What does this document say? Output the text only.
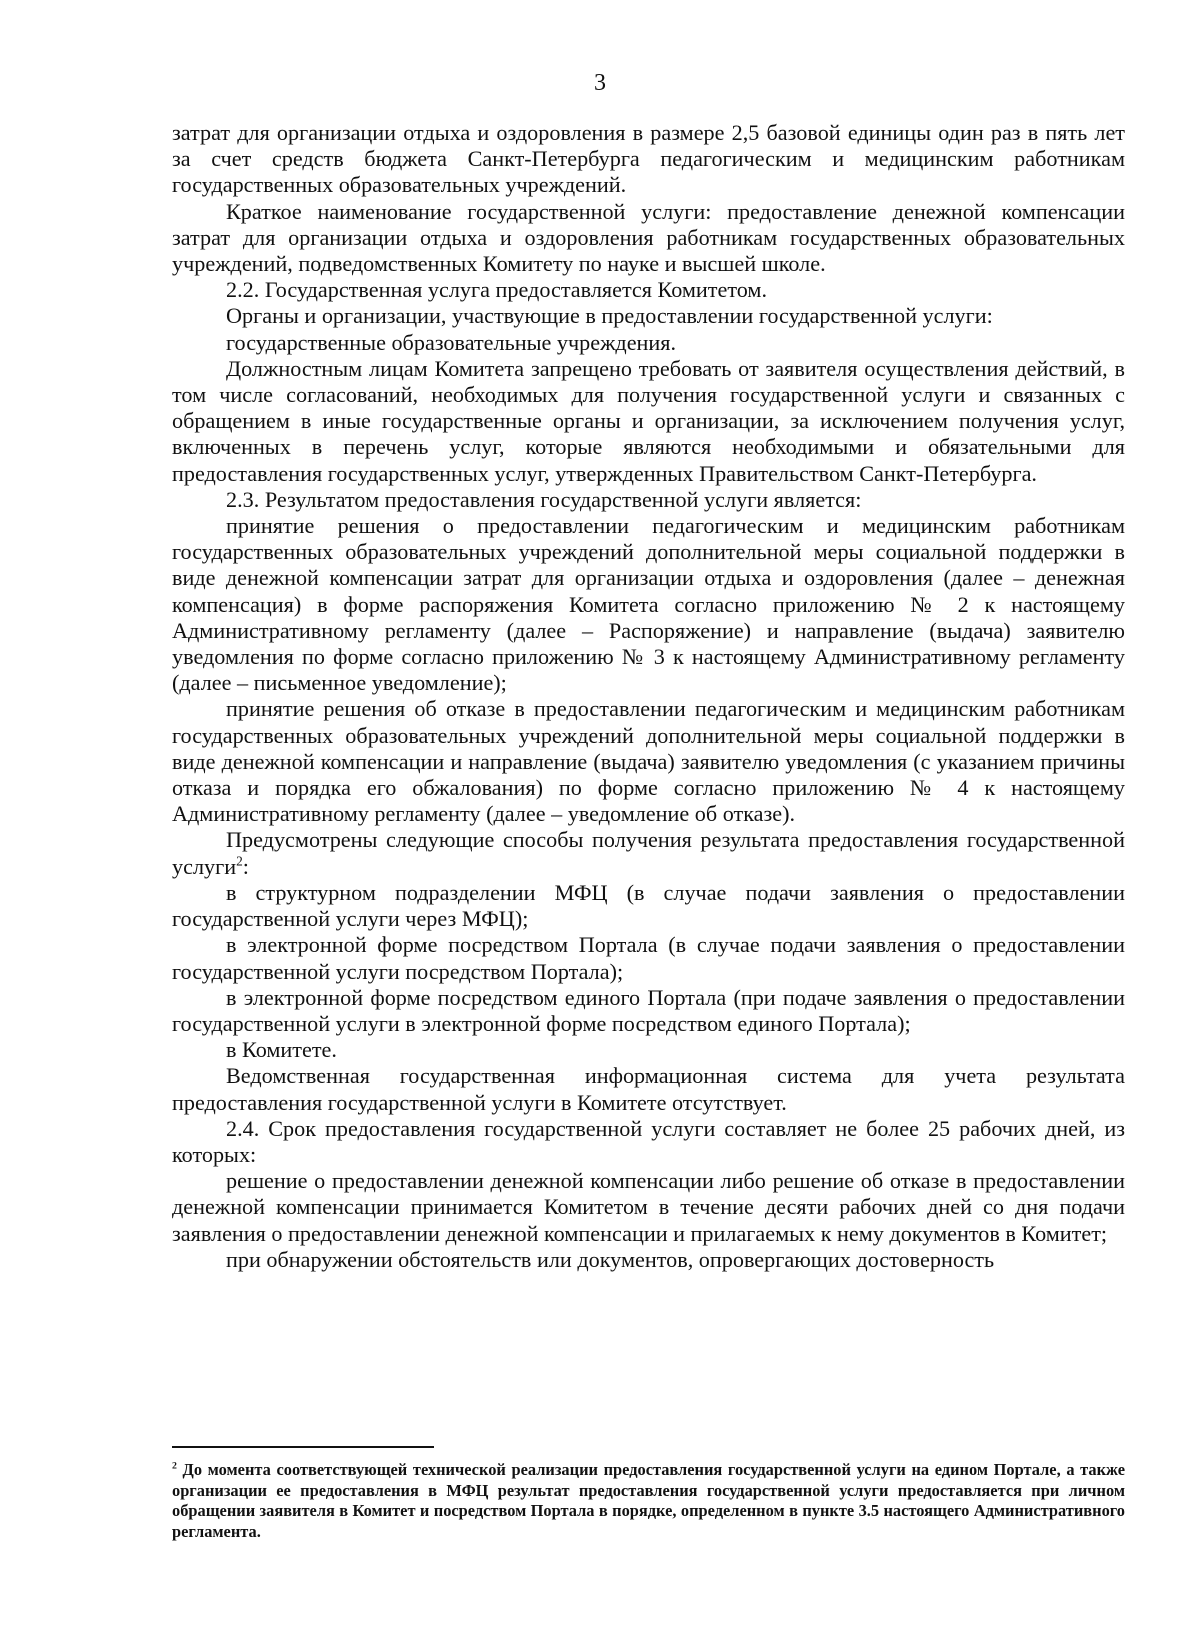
3

затрат для организации отдыха и оздоровления в размере 2,5 базовой единицы один раз в пять лет за счет средств бюджета Санкт-Петербурга педагогическим и медицинским работникам государственных образовательных учреждений.

Краткое наименование государственной услуги: предоставление денежной компенсации затрат для организации отдыха и оздоровления работникам государственных образовательных учреждений, подведомственных Комитету по науке и высшей школе.

2.2. Государственная услуга предоставляется Комитетом.

Органы и организации, участвующие в предоставлении государственной услуги:

государственные образовательные учреждения.

Должностным лицам Комитета запрещено требовать от заявителя осуществления действий, в том числе согласований, необходимых для получения государственной услуги и связанных с обращением в иные государственные органы и организации, за исключением получения услуг, включенных в перечень услуг, которые являются необходимыми и обязательными для предоставления государственных услуг, утвержденных Правительством Санкт-Петербурга.

2.3. Результатом предоставления государственной услуги является:

принятие решения о предоставлении педагогическим и медицинским работникам государственных образовательных учреждений дополнительной меры социальной поддержки в виде денежной компенсации затрат для организации отдыха и оздоровления (далее – денежная компенсация) в форме распоряжения Комитета согласно приложению № 2 к настоящему Административному регламенту (далее – Распоряжение) и направление (выдача) заявителю уведомления по форме согласно приложению № 3 к настоящему Административному регламенту (далее – письменное уведомление);

принятие решения об отказе в предоставлении педагогическим и медицинским работникам государственных образовательных учреждений дополнительной меры социальной поддержки в виде денежной компенсации и направление (выдача) заявителю уведомления (с указанием причины отказа и порядка его обжалования) по форме согласно приложению № 4 к настоящему Административному регламенту (далее – уведомление об отказе).

Предусмотрены следующие способы получения результата предоставления государственной услуги$^2$:

в структурном подразделении МФЦ (в случае подачи заявления о предоставлении государственной услуги через МФЦ);

в электронной форме посредством Портала (в случае подачи заявления о предоставлении государственной услуги посредством Портала);

в электронной форме посредством единого Портала (при подаче заявления о предоставлении государственной услуги в электронной форме посредством единого Портала);

в Комитете.

Ведомственная государственная информационная система для учета результата предоставления государственной услуги в Комитете отсутствует.

2.4. Срок предоставления государственной услуги составляет не более 25 рабочих дней, из которых:

решение о предоставлении денежной компенсации либо решение об отказе в предоставлении денежной компенсации принимается Комитетом в течение десяти рабочих дней со дня подачи заявления о предоставлении денежной компенсации и прилагаемых к нему документов в Комитет;

при обнаружении обстоятельств или документов, опровергающих достоверность

$^2$ До момента соответствующей технической реализации предоставления государственной услуги на едином Портале, а также организации ее предоставления в МФЦ результат предоставления государственной услуги предоставляется при личном обращении заявителя в Комитет и посредством Портала в порядке, определенном в пункте 3.5 настоящего Административного регламента.
